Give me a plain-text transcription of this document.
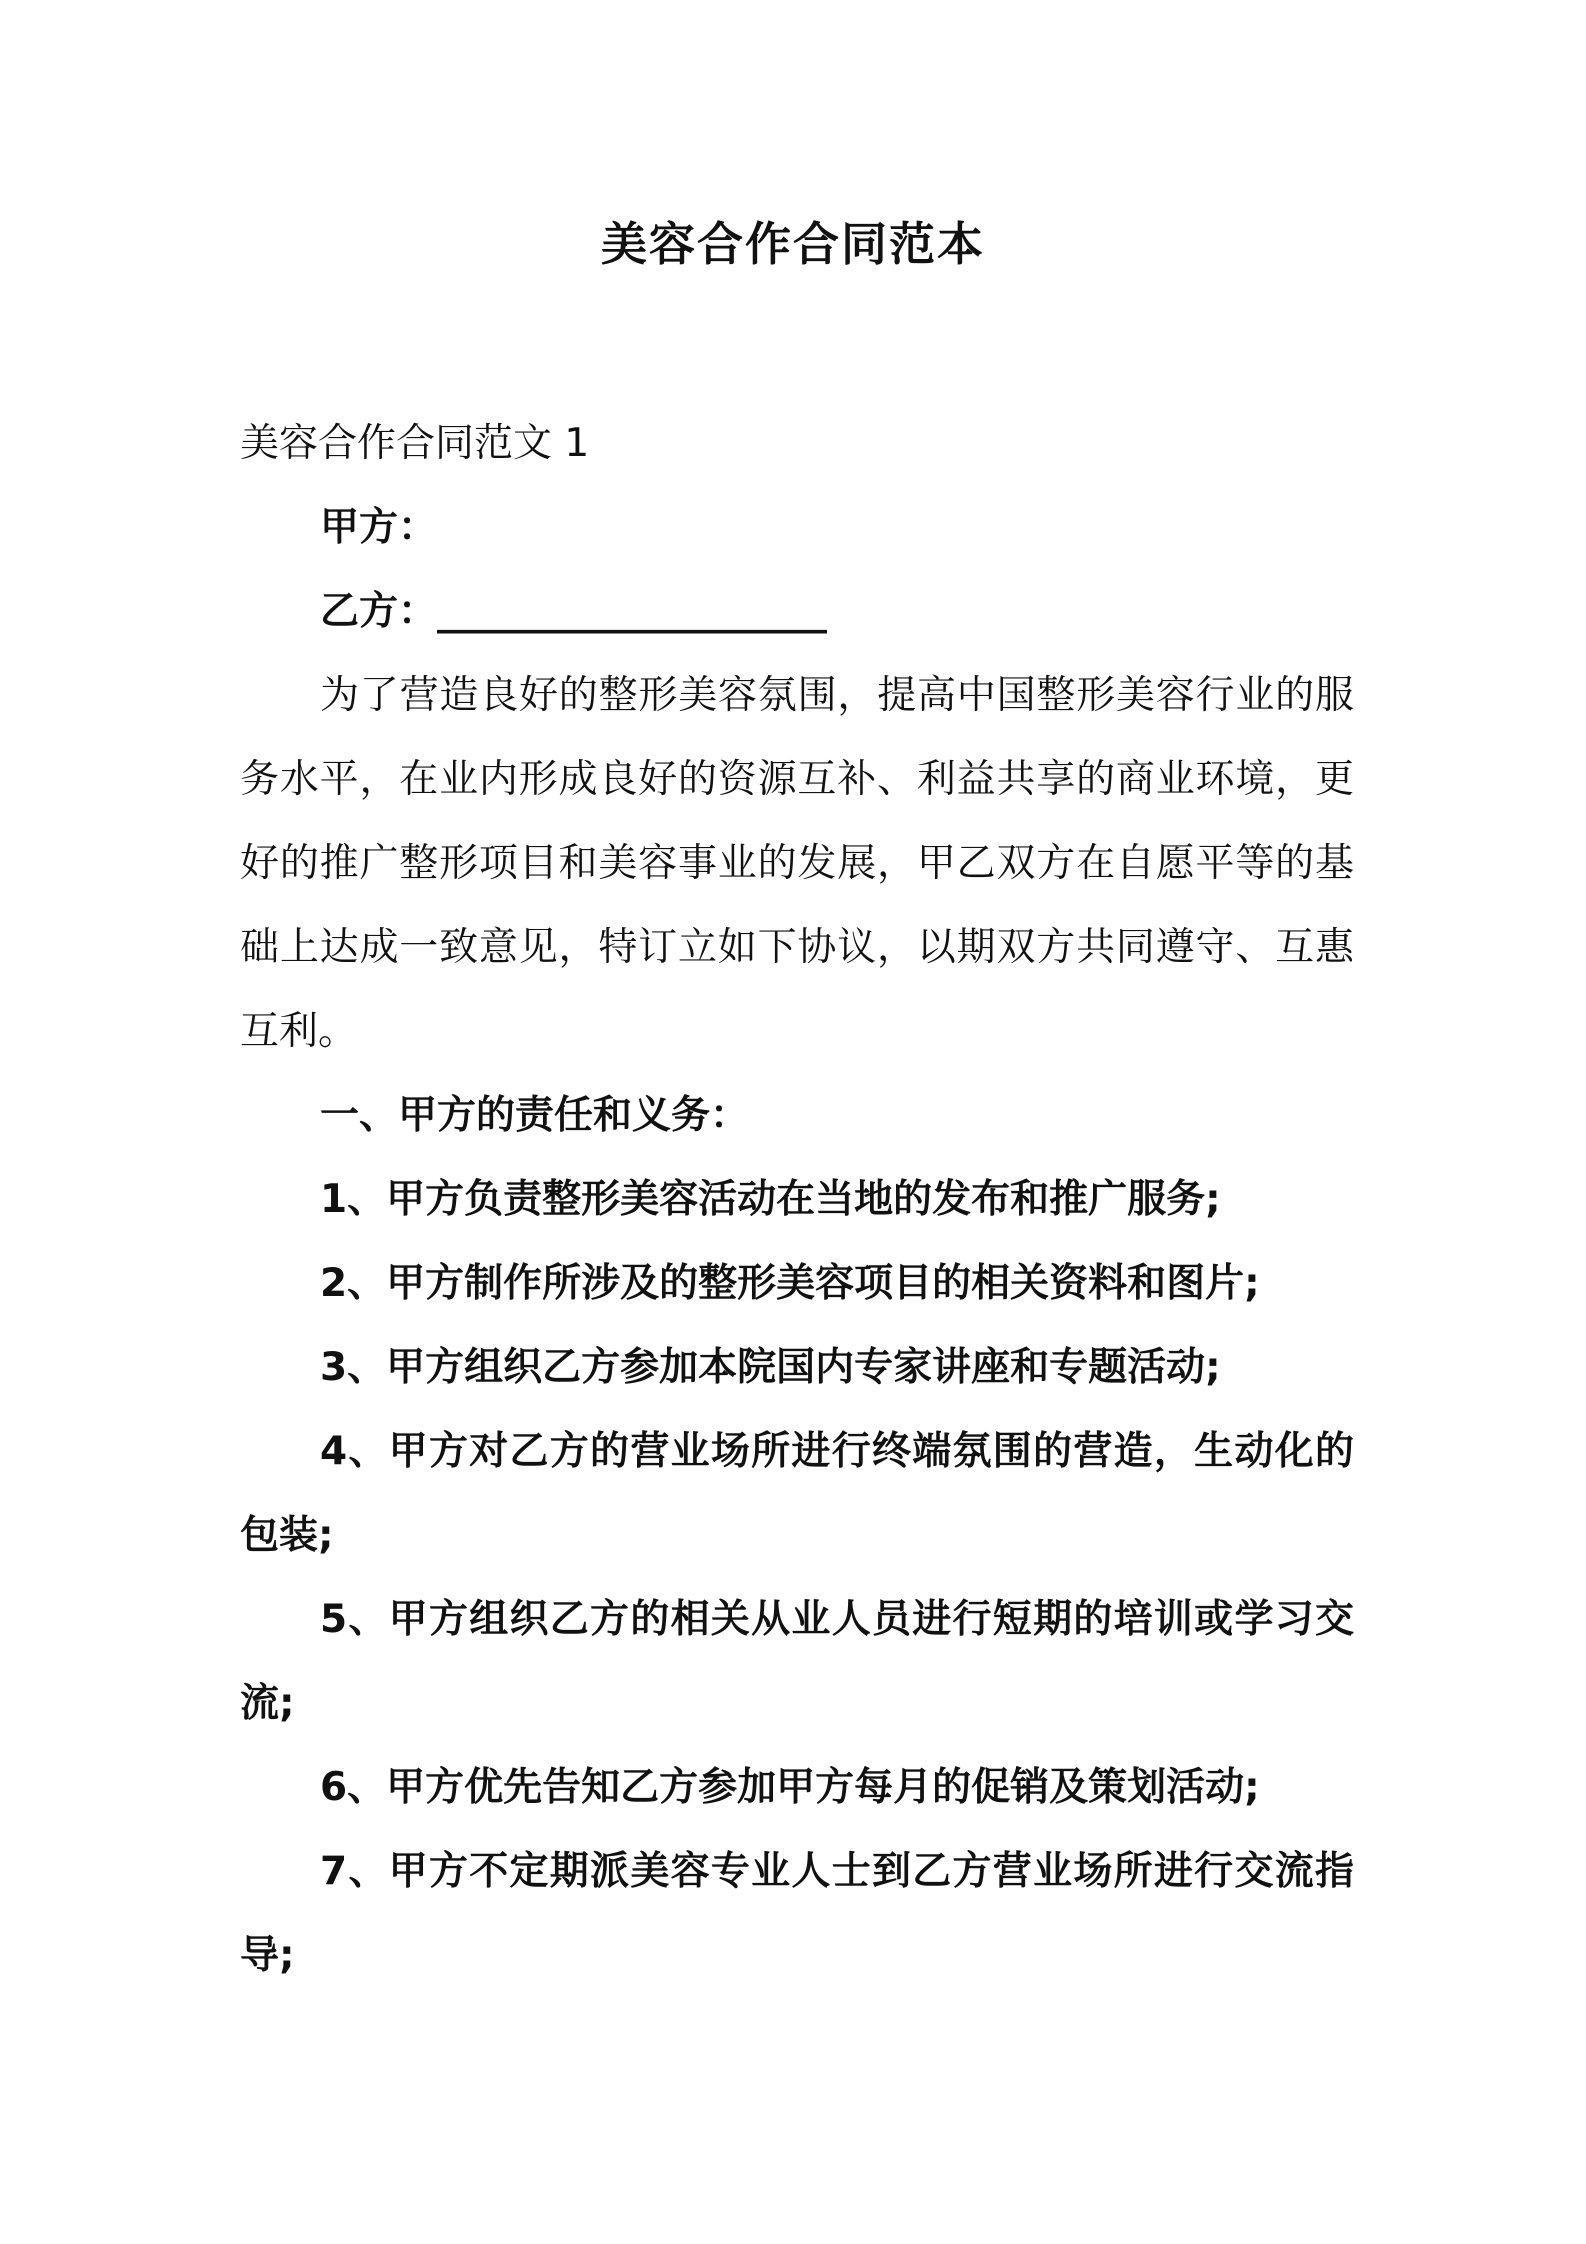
美容合作合同范本

美容合作合同范文 1

甲方：

乙方：____________________

为了营造良好的整形美容氛围，提高中国整形美容行业的服务水平，在业内形成良好的资源互补、利益共享的商业环境，更好的推广整形项目和美容事业的发展，甲乙双方在自愿平等的基础上达成一致意见，特订立如下协议，以期双方共同遵守、互惠互利。

一、甲方的责任和义务：

1、甲方负责整形美容活动在当地的发布和推广服务;

2、甲方制作所涉及的整形美容项目的相关资料和图片;

3、甲方组织乙方参加本院国内专家讲座和专题活动;

4、甲方对乙方的营业场所进行终端氛围的营造，生动化的包装;

5、甲方组织乙方的相关从业人员进行短期的培训或学习交流;

6、甲方优先告知乙方参加甲方每月的促销及策划活动;

7、甲方不定期派美容专业人士到乙方营业场所进行交流指导;
